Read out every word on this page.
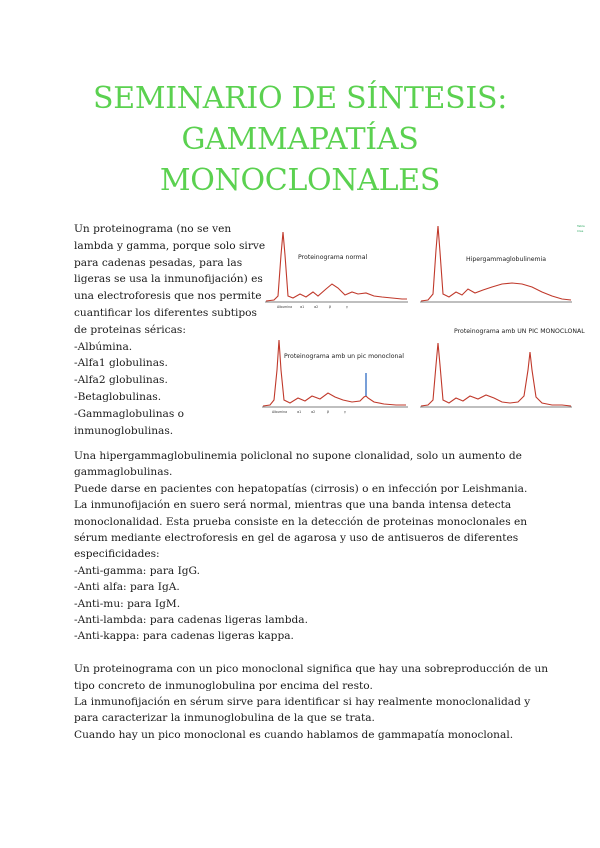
SEMINARIO DE SÍNTESIS:
GAMMAPATÍAS
MONOCLONALES
Un proteinograma (no se ven
lambda y gamma, porque solo sirve
para cadenas pesadas, para las
ligeras se usa la inmunofijación) es
una electroforesis que nos permite
cuantificar los diferentes subtipos
de proteinas séricas:
-Albúmina.
-Alfa1 globulinas.
-Alfa2 globulinas.
-Betaglobulinas.
-Gammaglobulinas o
inmunoglobulinas.
Tabla
Clas
Proteinograma normal
Albumina α1	α2	β	γ
Hipergammaglobulinemia
Proteinograma amb un pic monoclonal
Albumina	α1	α2	β	γ
Proteinograma amb UN PIC MONOCLONAL
Una hipergammaglobulinemia policlonal no supone clonalidad, solo un aumento de
gammaglobulinas.
Puede darse en pacientes con hepatopatías (cirrosis) o en infección por Leishmania.
La inmunofijación en suero será normal, mientras que una banda intensa detecta
monoclonalidad. Esta prueba consiste en la detección de proteinas monoclonales en
sérum mediante electroforesis en gel de agarosa y uso de antisueros de diferentes
especificidades:
-Anti-gamma: para IgG.
-Anti alfa: para IgA.
-Anti-mu: para IgM.
-Anti-lambda: para cadenas ligeras lambda.
-Anti-kappa: para cadenas ligeras kappa.
Un proteinograma con un pico monoclonal significa que hay una sobreproducción de un
tipo concreto de inmunoglobulina por encima del resto.
La inmunofijación en sérum sirve para identificar si hay realmente monoclonalidad y
para caracterizar la inmunoglobulina de la que se trata.
Cuando hay un pico monoclonal es cuando hablamos de gammapatía monoclonal.
